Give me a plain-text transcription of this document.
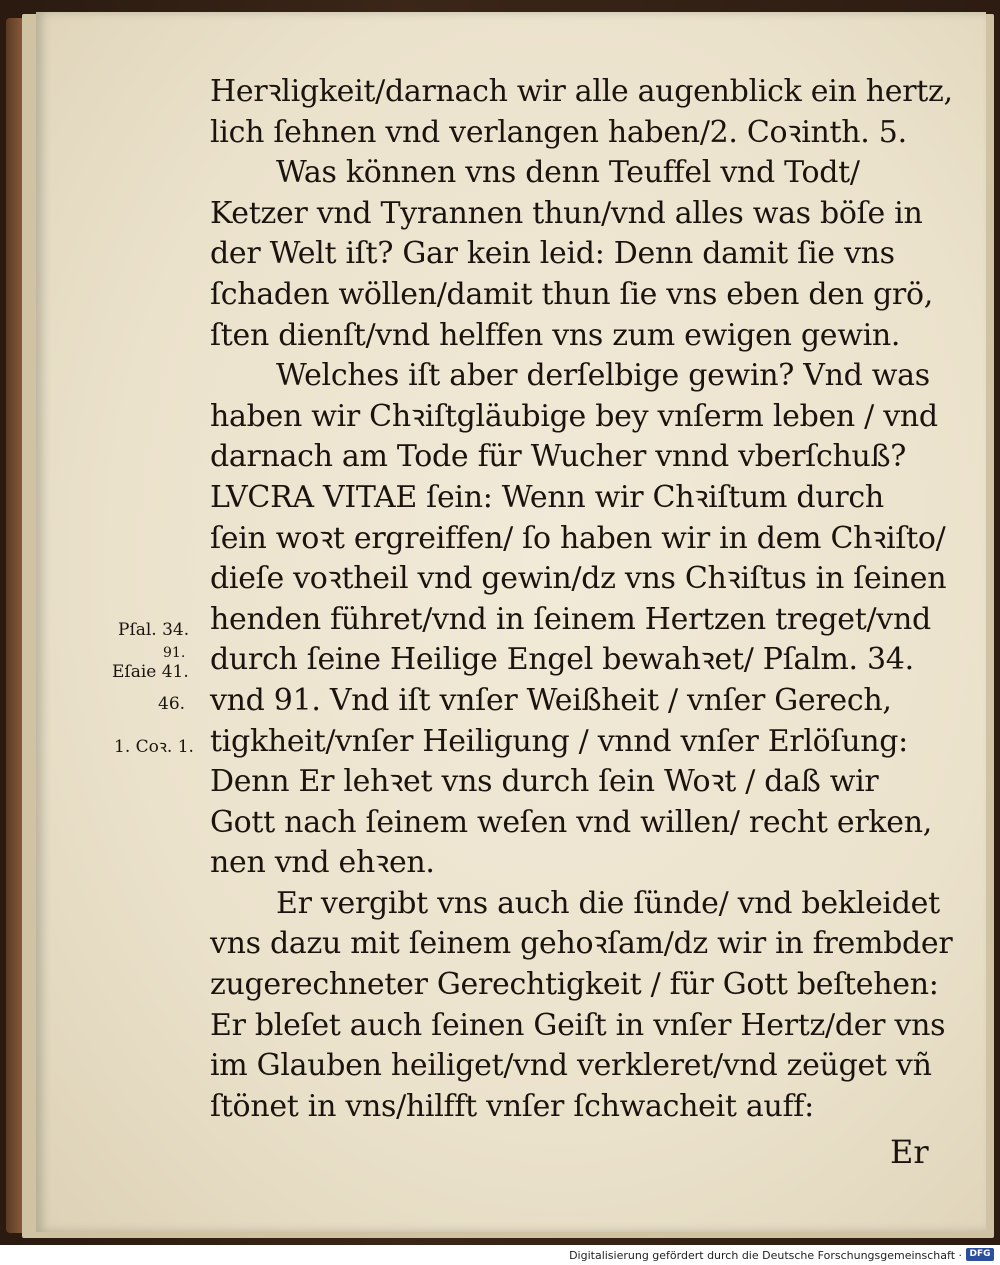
Herꝛligkeit/darnach wir alle augenblick ein hertz,
lich ſehnen vnd verlangen haben/2. Coꝛinth. 5.
Was können vns denn Teuffel vnd Todt/
Ketzer vnd Tyrannen thun/vnd alles was böſe in
der Welt iſt? Gar kein leid: Denn damit ſie vns
ſchaden wöllen/damit thun ſie vns eben den grö,
ſten dienſt/vnd helffen vns zum ewigen gewin.
Welches iſt aber derſelbige gewin? Vnd was
haben wir Chꝛiſtgläubige bey vnſerm leben / vnd
darnach am Tode für Wucher vnnd vberſchuß?
LVCRA VITAE ſein: Wenn wir Chꝛiſtum durch
ſein woꝛt ergreiffen/ ſo haben wir in dem Chꝛiſto/
dieſe voꝛtheil vnd gewin/dz vns Chꝛiſtus in ſeinen
henden führet/vnd in ſeinem Hertzen treget/vnd
durch ſeine Heilige Engel bewahꝛet/ Pſalm. 34.
vnd 91. Vnd iſt vnſer Weißheit / vnſer Gerech,
tigkheit/vnſer Heiligung / vnnd vnſer Erlöſung:
Denn Er lehꝛet vns durch ſein Woꝛt / daß wir
Gott nach ſeinem weſen vnd willen/ recht erken,
nen vnd ehꝛen.
Er vergibt vns auch die ſünde/ vnd bekleidet
vns dazu mit ſeinem gehoꝛſam/dz wir in frembder
zugerechneter Gerechtigkeit / für Gott beſtehen:
Er bleſet auch ſeinen Geiſt in vnſer Hertz/der vns
im Glauben heiliget/vnd verkleret/vnd zeüget vñ
ſtönet in vns/hilfft vnſer ſchwacheit auff:
Er
Pſal. 34.
91.
Eſaie 41.
46.
1. Coꝛ. 1.
Digitalisierung gefördert durch die Deutsche Forschungsgemeinschaft · DFG
